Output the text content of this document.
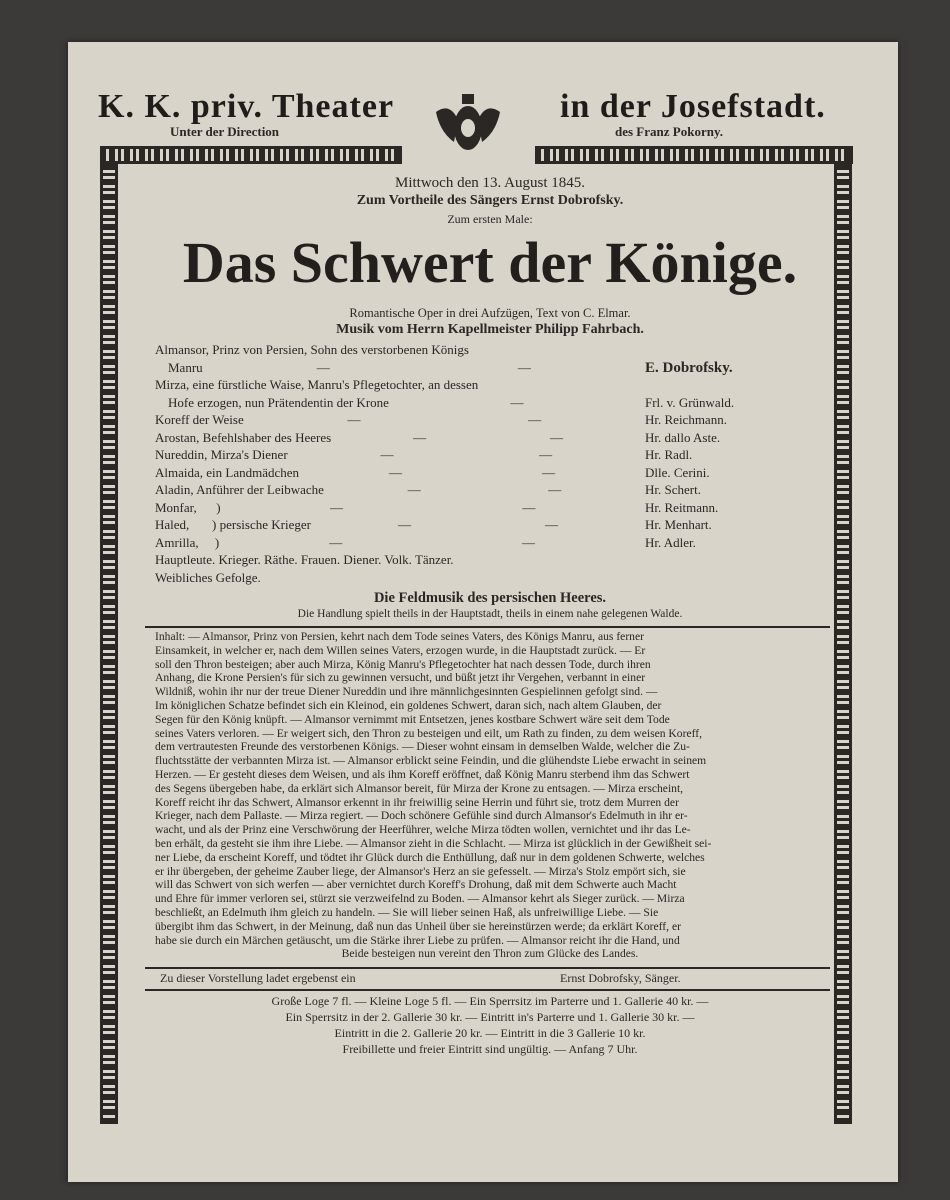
K. K. priv. Theater	in der Josefstadt.
Unter der Direction	des Franz Pokorny.
Mittwoch den 13. August 1845.
Zum Vortheile des Sängers Ernst Dobrofsky.
Zum ersten Male:
Das Schwert der Könige.
Romantische Oper in drei Aufzügen, Text von C. Elmar.
Musik vom Herrn Kapellmeister Philipp Fahrbach.
Almansor, Prinz von Persien, Sohn des verstorbenen Königs
Manru	—	—	E. Dobrofsky.
Mirza, eine fürstliche Waise, Manru's Pflegetochter, an dessen
Hofe erzogen, nun Prätendentin der Krone	—	Frl. v. Grünwald.
Koreff der Weise	—	—	Hr. Reichmann.
Arostan, Befehlshaber des Heeres	—	—	Hr. dallo Aste.
Nureddin, Mirza's Diener	—	—	Hr. Radl.
Almaida, ein Landmädchen	—	—	Dlle. Cerini.
Aladin, Anführer der Leibwache	—	—	Hr. Schert.
Monfar,      )	—	—	Hr. Reitmann.
Haled,       ) persische Krieger	—	—	Hr. Menhart.
Amrilla,     )	—	—	Hr. Adler.
Hauptleute. Krieger. Räthe. Frauen. Diener. Volk. Tänzer.
Weibliches Gefolge.
Die Feldmusik des persischen Heeres.
Die Handlung spielt theils in der Hauptstadt, theils in einem nahe gelegenen Walde.
Inhalt: — Almansor, Prinz von Persien, kehrt nach dem Tode seines Vaters, des Königs Manru, aus ferner
Einsamkeit, in welcher er, nach dem Willen seines Vaters, erzogen wurde, in die Hauptstadt zurück. — Er
soll den Thron besteigen; aber auch Mirza, König Manru's Pflegetochter hat nach dessen Tode, durch ihren
Anhang, die Krone Persien's für sich zu gewinnen versucht, und büßt jetzt ihr Vergehen, verbannt in einer
Wildniß, wohin ihr nur der treue Diener Nureddin und ihre männlichgesinnten Gespielinnen gefolgt sind. —
Im königlichen Schatze befindet sich ein Kleinod, ein goldenes Schwert, daran sich, nach altem Glauben, der
Segen für den König knüpft. — Almansor vernimmt mit Entsetzen, jenes kostbare Schwert wäre seit dem Tode
seines Vaters verloren. — Er weigert sich, den Thron zu besteigen und eilt, um Rath zu finden, zu dem weisen Koreff,
dem vertrautesten Freunde des verstorbenen Königs. — Dieser wohnt einsam in demselben Walde, welcher die Zu-
fluchtsstätte der verbannten Mirza ist. — Almansor erblickt seine Feindin, und die glühendste Liebe erwacht in seinem
Herzen. — Er gesteht dieses dem Weisen, und als ihm Koreff eröffnet, daß König Manru sterbend ihm das Schwert
des Segens übergeben habe, da erklärt sich Almansor bereit, für Mirza der Krone zu entsagen. — Mirza erscheint,
Koreff reicht ihr das Schwert, Almansor erkennt in ihr freiwillig seine Herrin und führt sie, trotz dem Murren der
Krieger, nach dem Pallaste. — Mirza regiert. — Doch schönere Gefühle sind durch Almansor's Edelmuth in ihr er-
wacht, und als der Prinz eine Verschwörung der Heerführer, welche Mirza tödten wollen, vernichtet und ihr das Le-
ben erhält, da gesteht sie ihm ihre Liebe. — Almansor zieht in die Schlacht. — Mirza ist glücklich in der Gewißheit sei-
ner Liebe, da erscheint Koreff, und tödtet ihr Glück durch die Enthüllung, daß nur in dem goldenen Schwerte, welches
er ihr übergeben, der geheime Zauber liege, der Almansor's Herz an sie gefesselt. — Mirza's Stolz empört sich, sie
will das Schwert von sich werfen — aber vernichtet durch Koreff's Drohung, daß mit dem Schwerte auch Macht
und Ehre für immer verloren sei, stürzt sie verzweifelnd zu Boden. — Almansor kehrt als Sieger zurück. — Mirza
beschließt, an Edelmuth ihm gleich zu handeln. — Sie will lieber seinen Haß, als unfreiwillige Liebe. — Sie
übergibt ihm das Schwert, in der Meinung, daß nun das Unheil über sie hereinstürzen werde; da erklärt Koreff, er
habe sie durch ein Märchen getäuscht, um die Stärke ihrer Liebe zu prüfen. — Almansor reicht ihr die Hand, und
Beide besteigen nun vereint den Thron zum Glücke des Landes.
Zu dieser Vorstellung ladet ergebenst ein	Ernst Dobrofsky, Sänger.
Große Loge 7 fl. — Kleine Loge 5 fl. — Ein Sperrsitz im Parterre und 1. Gallerie 40 kr. —
Ein Sperrsitz in der 2. Gallerie 30 kr. — Eintritt in's Parterre und 1. Gallerie 30 kr. —
Eintritt in die 2. Gallerie 20 kr. — Eintritt in die 3 Gallerie 10 kr.
Freibillette und freier Eintritt sind ungültig. — Anfang 7 Uhr.
